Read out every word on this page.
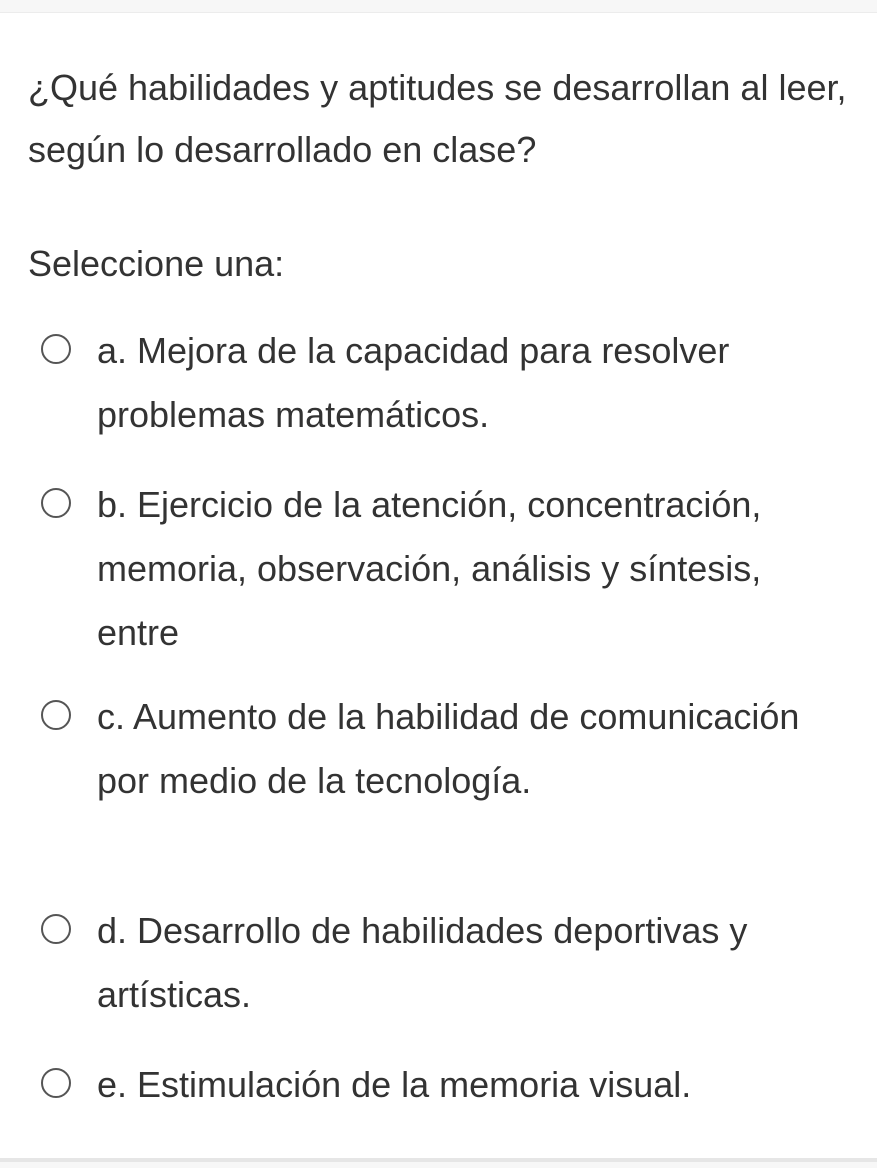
¿Qué habilidades y aptitudes se desarrollan al leer, según lo desarrollado en clase?
Seleccione una:
a. Mejora de la capacidad para resolver problemas matemáticos.
b. Ejercicio de la atención, concentración, memoria, observación, análisis y síntesis, entre
c. Aumento de la habilidad de comunicación por medio de la tecnología.
d. Desarrollo de habilidades deportivas y artísticas.
e. Estimulación de la memoria visual.
